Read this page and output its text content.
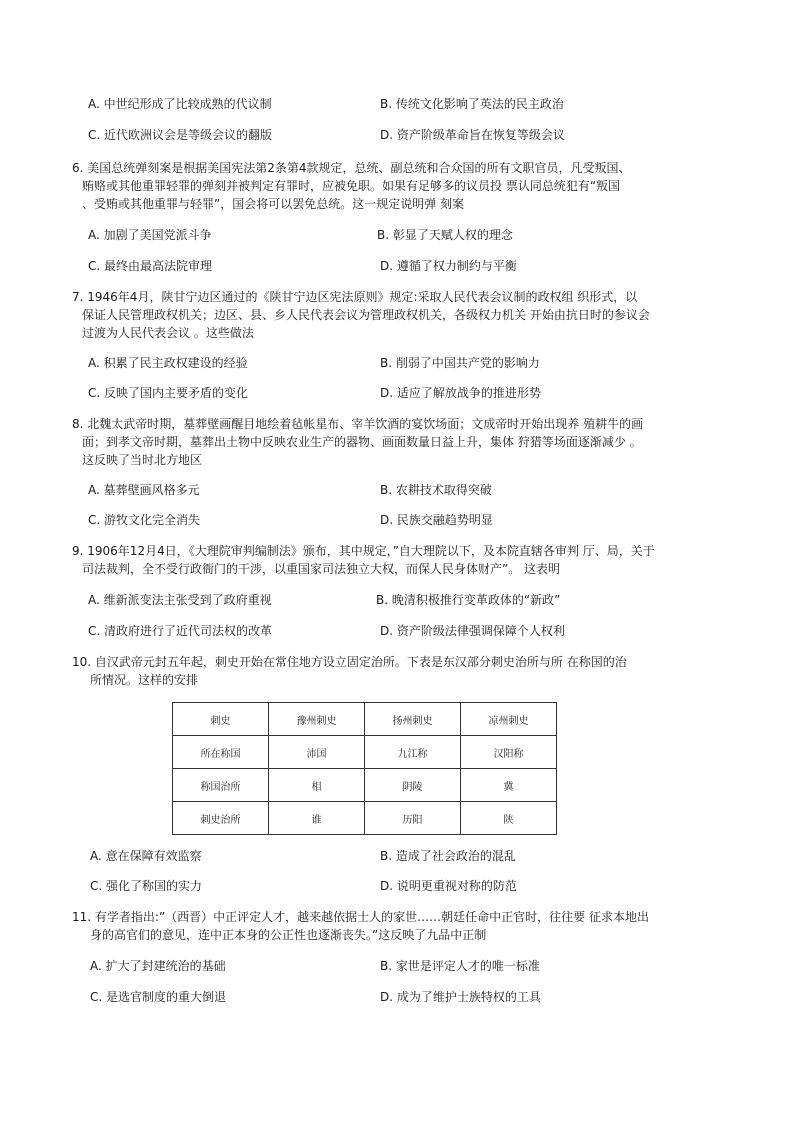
A. 中世纪形成了比较成熟的代议制	B. 传统文化影响了英法的民主政治
C. 近代欧洲议会是等级会议的翻版	D. 资产阶级革命旨在恢复等级会议
6. 美国总统弹刻案是根据美国宪法第2条第4款规定，总统、副总统和合众国的所有文职官员，凡受叛国、
贿赂或其他重罪轻罪的弹刻并被判定有罪时，应被免职。如果有足够多的议员投 票认同总统犯有“叛国
、受贿或其他重罪与轻罪”，国会将可以罢免总统。这一规定说明弹 刻案
A. 加剧了美国党派斗争	B. 彰显了天赋人权的理念
C. 最终由最高法院审理	D. 遵循了权力制约与平衡
7. 1946年4月，陕甘宁边区通过的《陕甘宁边区宪法原则》规定:采取人民代表会议制的政权组 织形式，以
保证人民管理政权机关；边区、县、乡人民代表会议为管理政权机关，各级权力机关 开始由抗日时的参议会
过渡为人民代表会议 。这些做法
A. 积累了民主政权建设的经验	B. 削弱了中国共产党的影响力
C. 反映了国内主要矛盾的变化	D. 适应了解放战争的推进形势
8. 北魏太武帝时期，墓葬壁画醒目地绘着毡帐星布、宰羊饮酒的宴饮场面；文成帝时开始出现养 殖耕牛的画
面；到孝文帝时期，墓葬出土物中反映农业生产的器物、画面数量日益上升，集体 狩猎等场面逐渐减少 。
这反映了当时北方地区
A. 墓葬壁画风格多元	B. 农耕技术取得突破
C. 游牧文化完全消失	D. 民族交融趋势明显
9. 1906年12月4日，《大理院审判编制法》颁布，其中规定，”自大理院以下，及本院直辖各审判 厅、局，关于
司法裁判，全不受行政衙门的干涉，以重国家司法独立大权，而保人民身体财产”。 这表明
A. 维新派变法主张受到了政府重视	B. 晚清积极推行变革政体的“新政”
C. 清政府进行了近代司法权的改革	D. 资产阶级法律强调保障个人权利
10. 自汉武帝元封五年起，刺史开始在常住地方设立固定治所。下表是东汉部分刺史治所与所 在称国的治
所情况。这样的安排
刺史	豫州刺史	扬州刺史	凉州刺史
所在称国	沛国	九江称	汉阳称
称国治所	相	阴陵	冀
刺史治所	谁	历阳	陕
A. 意在保障有效监察	B. 造成了社会政治的混乱
C. 强化了称国的实力	D. 说明更重视对称的防范
11. 有学者指出:”（西晋）中正评定人才，越来越依据士人的家世……朝廷任命中正官时，往往要 征求本地出
身的高官们的意见，连中正本身的公正性也逐渐丧失。”这反映了九品中正制
A. 扩大了封建统治的基础	B. 家世是评定人才的唯一标准
C. 是选官制度的重大倒退	D. 成为了维护士族特权的工具
